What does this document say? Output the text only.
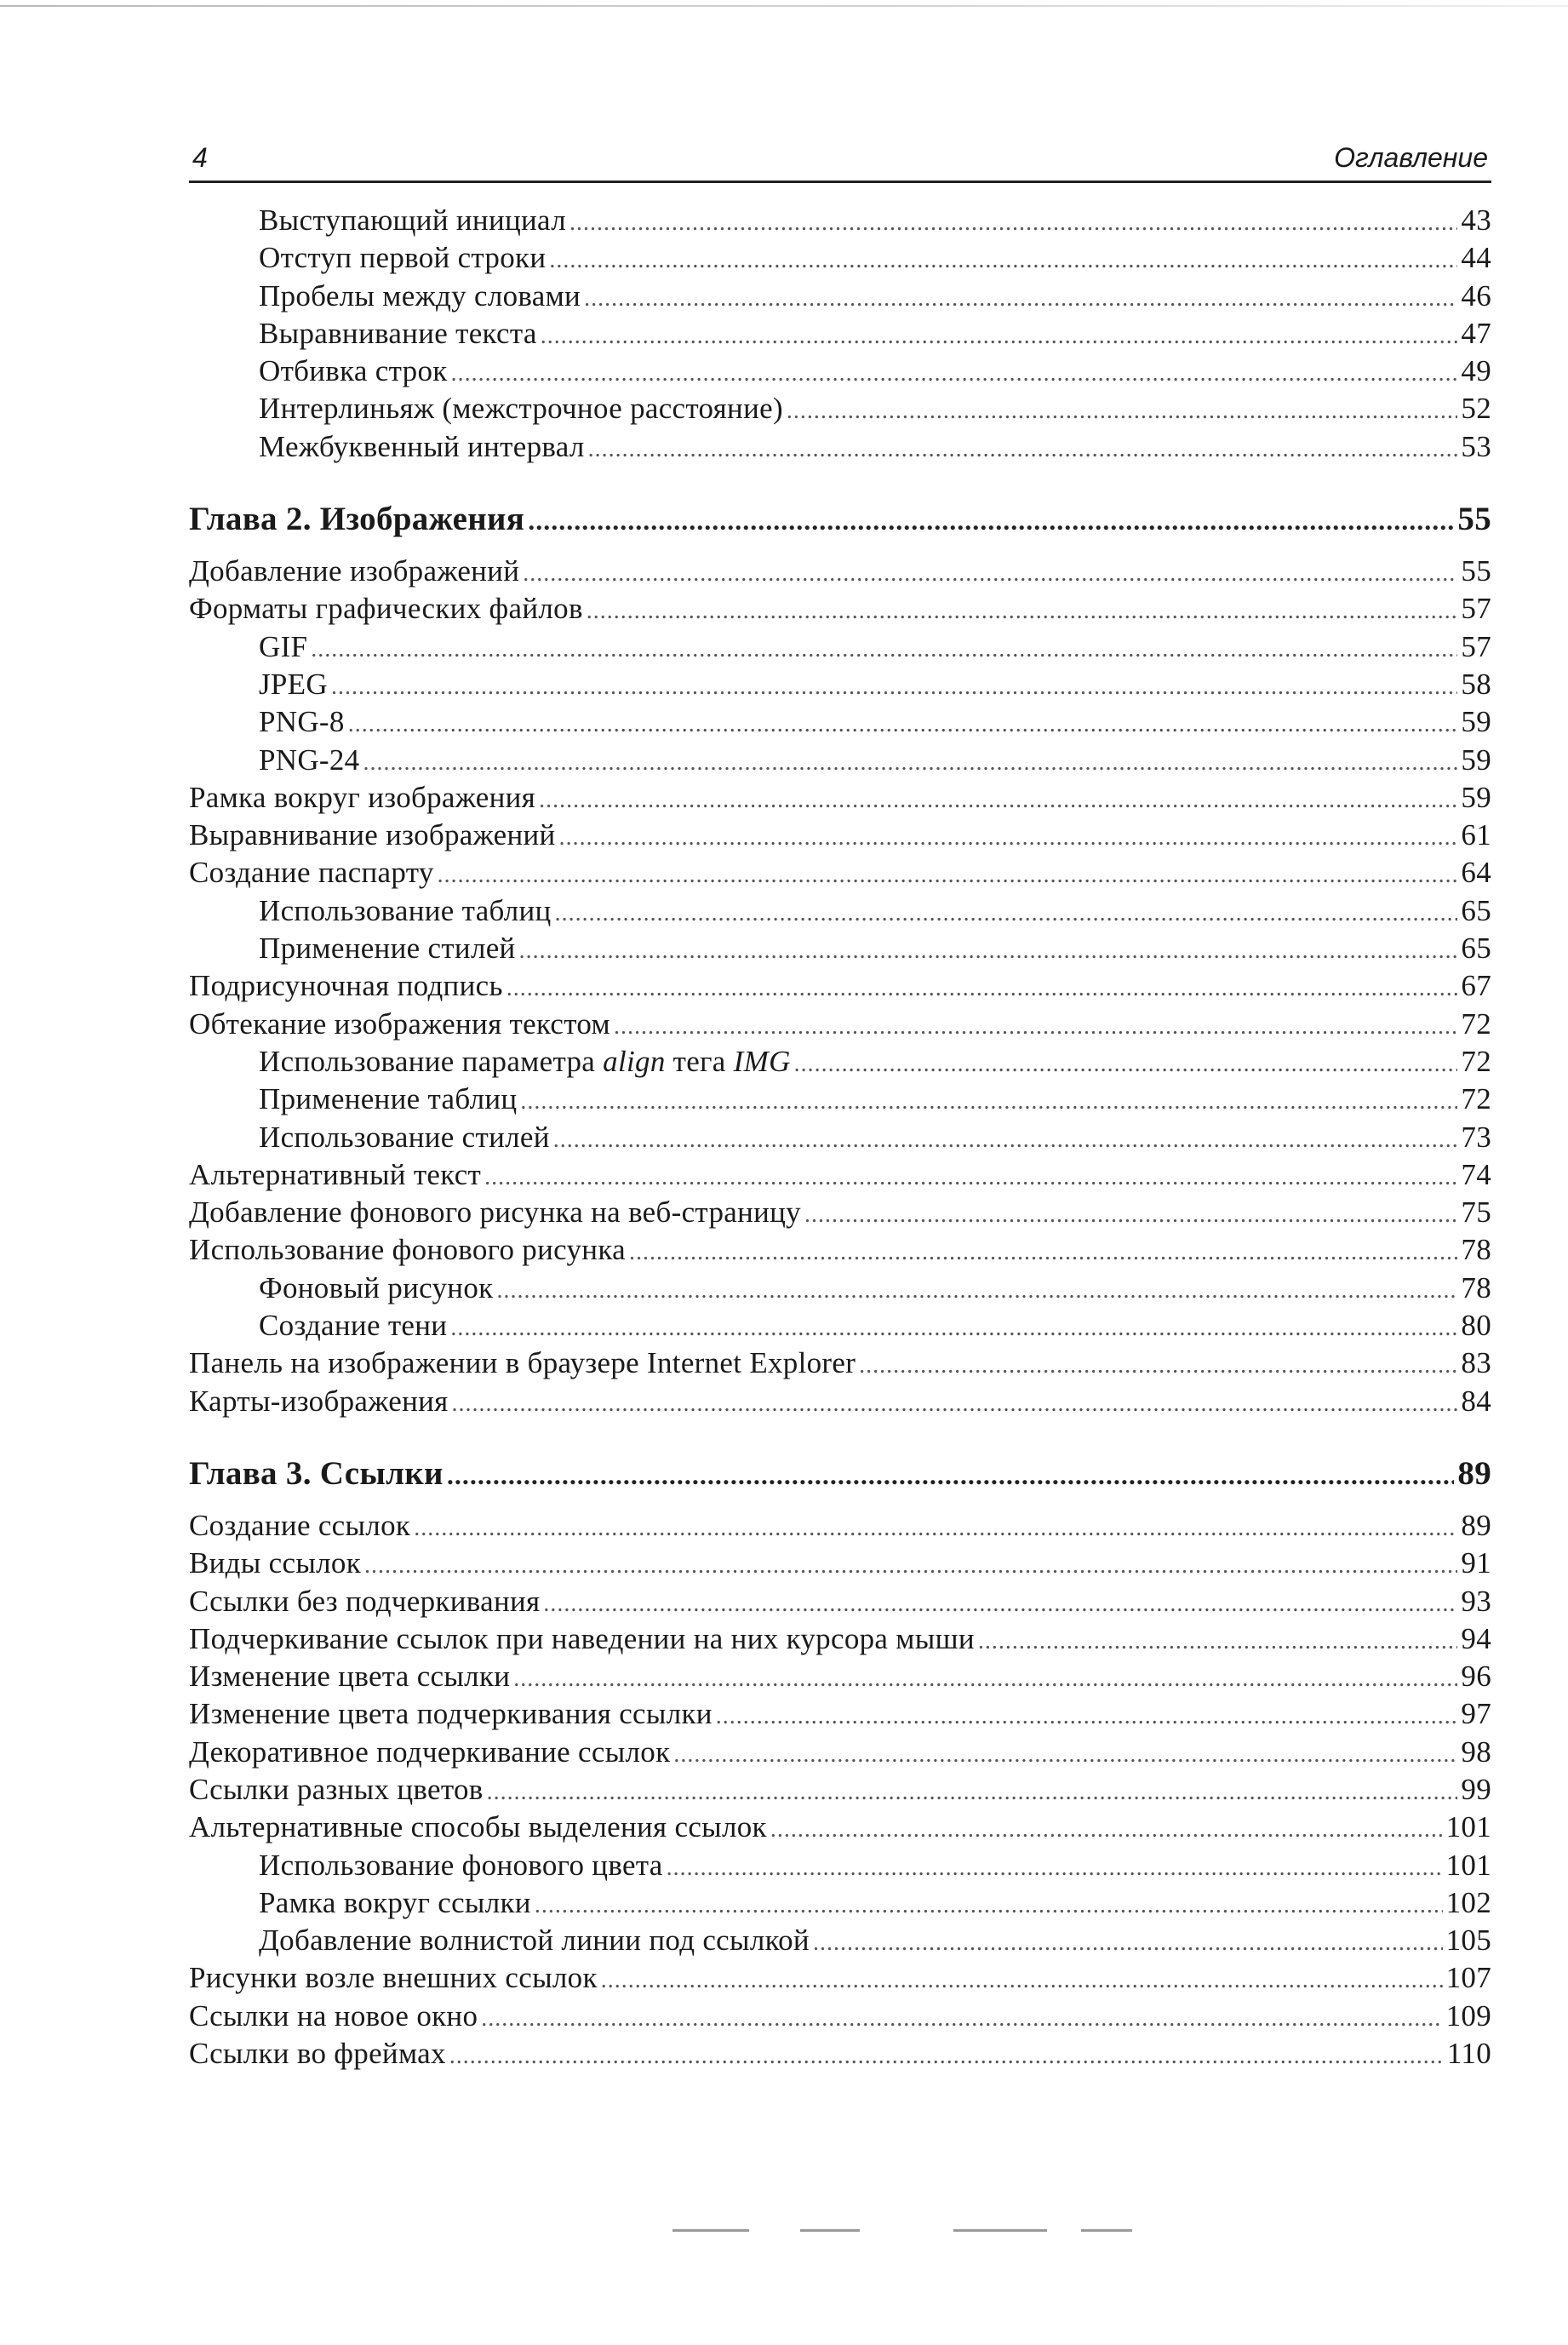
4	Оглавление
Выступающий инициал .....	43
Отступ первой строки .....	44
Пробелы между словами .....	46
Выравнивание текста .....	47
Отбивка строк .....	49
Интерлиньяж (межстрочное расстояние) .....	52
Межбуквенный интервал .....	53
Глава 2. Изображения .....	55
Добавление изображений .....	55
Форматы графических файлов .....	57
GIF .....	57
JPEG .....	58
PNG-8 .....	59
PNG-24 .....	59
Рамка вокруг изображения .....	59
Выравнивание изображений .....	61
Создание паспарту .....	64
Использование таблиц .....	65
Применение стилей .....	65
Подрисуночная подпись .....	67
Обтекание изображения текстом .....	72
Использование параметра align тега IMG .....	72
Применение таблиц .....	72
Использование стилей .....	73
Альтернативный текст .....	74
Добавление фонового рисунка на веб-страницу .....	75
Использование фонового рисунка .....	78
Фоновый рисунок .....	78
Создание тени .....	80
Панель на изображении в браузере Internet Explorer .....	83
Карты-изображения .....	84
Глава 3. Ссылки .....	89
Создание ссылок .....	89
Виды ссылок .....	91
Ссылки без подчеркивания .....	93
Подчеркивание ссылок при наведении на них курсора мыши .....	94
Изменение цвета ссылки .....	96
Изменение цвета подчеркивания ссылки .....	97
Декоративное подчеркивание ссылок .....	98
Ссылки разных цветов .....	99
Альтернативные способы выделения ссылок .....	101
Использование фонового цвета .....	101
Рамка вокруг ссылки .....	102
Добавление волнистой линии под ссылкой .....	105
Рисунки возле внешних ссылок .....	107
Ссылки на новое окно .....	109
Ссылки во фреймах .....	110
